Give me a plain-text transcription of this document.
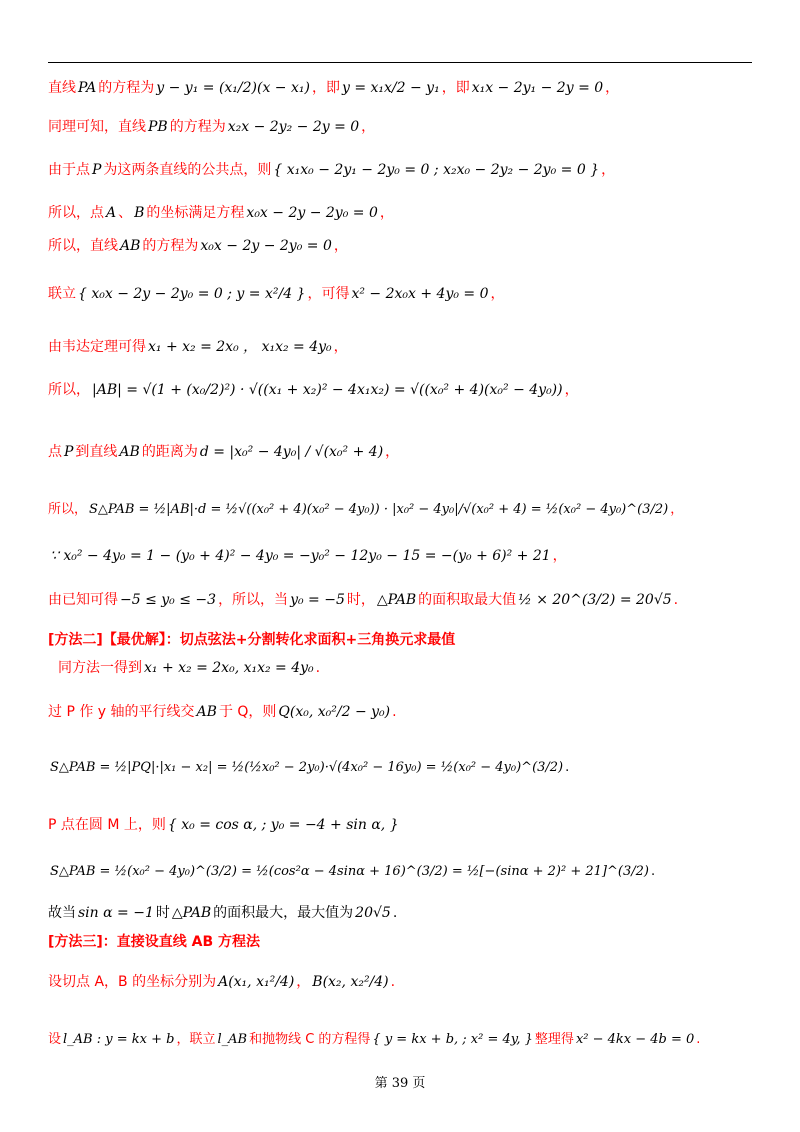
直线 PA 的方程为 y − y₁ = (x₁/2)(x − x₁) ，即 y = x₁x/2 − y₁ ，即 x₁x − 2y₁ − 2y = 0 ，
同理可知，直线 PB 的方程为 x₂x − 2y₂ − 2y = 0 ，
由于点 P 为这两条直线的公共点，则 { x₁x₀ − 2y₁ − 2y₀ = 0 ; x₂x₀ − 2y₂ − 2y₀ = 0 } ，
所以，点 A 、 B 的坐标满足方程 x₀x − 2y − 2y₀ = 0 ，
所以，直线 AB 的方程为 x₀x − 2y − 2y₀ = 0 ，
联立 { x₀x − 2y − 2y₀ = 0 ; y = x²/4 } ，可得 x² − 2x₀x + 4y₀ = 0 ，
由韦达定理可得 x₁ + x₂ = 2x₀ ， x₁x₂ = 4y₀ ，
所以， |AB| = √(1 + (x₀/2)²) · √((x₁ + x₂)² − 4x₁x₂) = √((x₀² + 4)(x₀² − 4y₀)) ，
点 P 到直线 AB 的距离为 d = |x₀² − 4y₀| / √(x₀² + 4) ，
所以， S△PAB = ½|AB|·d = ½√((x₀² + 4)(x₀² − 4y₀)) · |x₀² − 4y₀|/√(x₀² + 4) = ½(x₀² − 4y₀)^(3/2) ，
∵ x₀² − 4y₀ = 1 − (y₀ + 4)² − 4y₀ = −y₀² − 12y₀ − 15 = −(y₀ + 6)² + 21 ，
由已知可得 −5 ≤ y₀ ≤ −3 ，所以，当 y₀ = −5 时， △PAB 的面积取最大值 ½ × 20^(3/2) = 20√5 .
[方法二]【最优解】：切点弦法+分割转化求面积+三角换元求最值
同方法一得到 x₁ + x₂ = 2x₀, x₁x₂ = 4y₀ .
过 P 作 y 轴的平行线交 AB 于 Q，则 Q(x₀, x₀²/2 − y₀) .
S△PAB = ½|PQ|·|x₁ − x₂| = ½(½x₀² − 2y₀)·√(4x₀² − 16y₀) = ½(x₀² − 4y₀)^(3/2) .
P 点在圆 M 上，则 { x₀ = cos α, ; y₀ = −4 + sin α, }
S△PAB = ½(x₀² − 4y₀)^(3/2) = ½(cos²α − 4sinα + 16)^(3/2) = ½[−(sinα + 2)² + 21]^(3/2) .
故当 sin α = −1 时 △PAB 的面积最大，最大值为 20√5 .
[方法三]：直接设直线 AB 方程法
设切点 A，B 的坐标分别为 A(x₁, x₁²/4) ， B(x₂, x₂²/4) .
设 l_AB : y = kx + b ，联立 l_AB 和抛物线 C 的方程得 { y = kx + b, ; x² = 4y, } 整理得 x² − 4kx − 4b = 0 .
第 39 页
